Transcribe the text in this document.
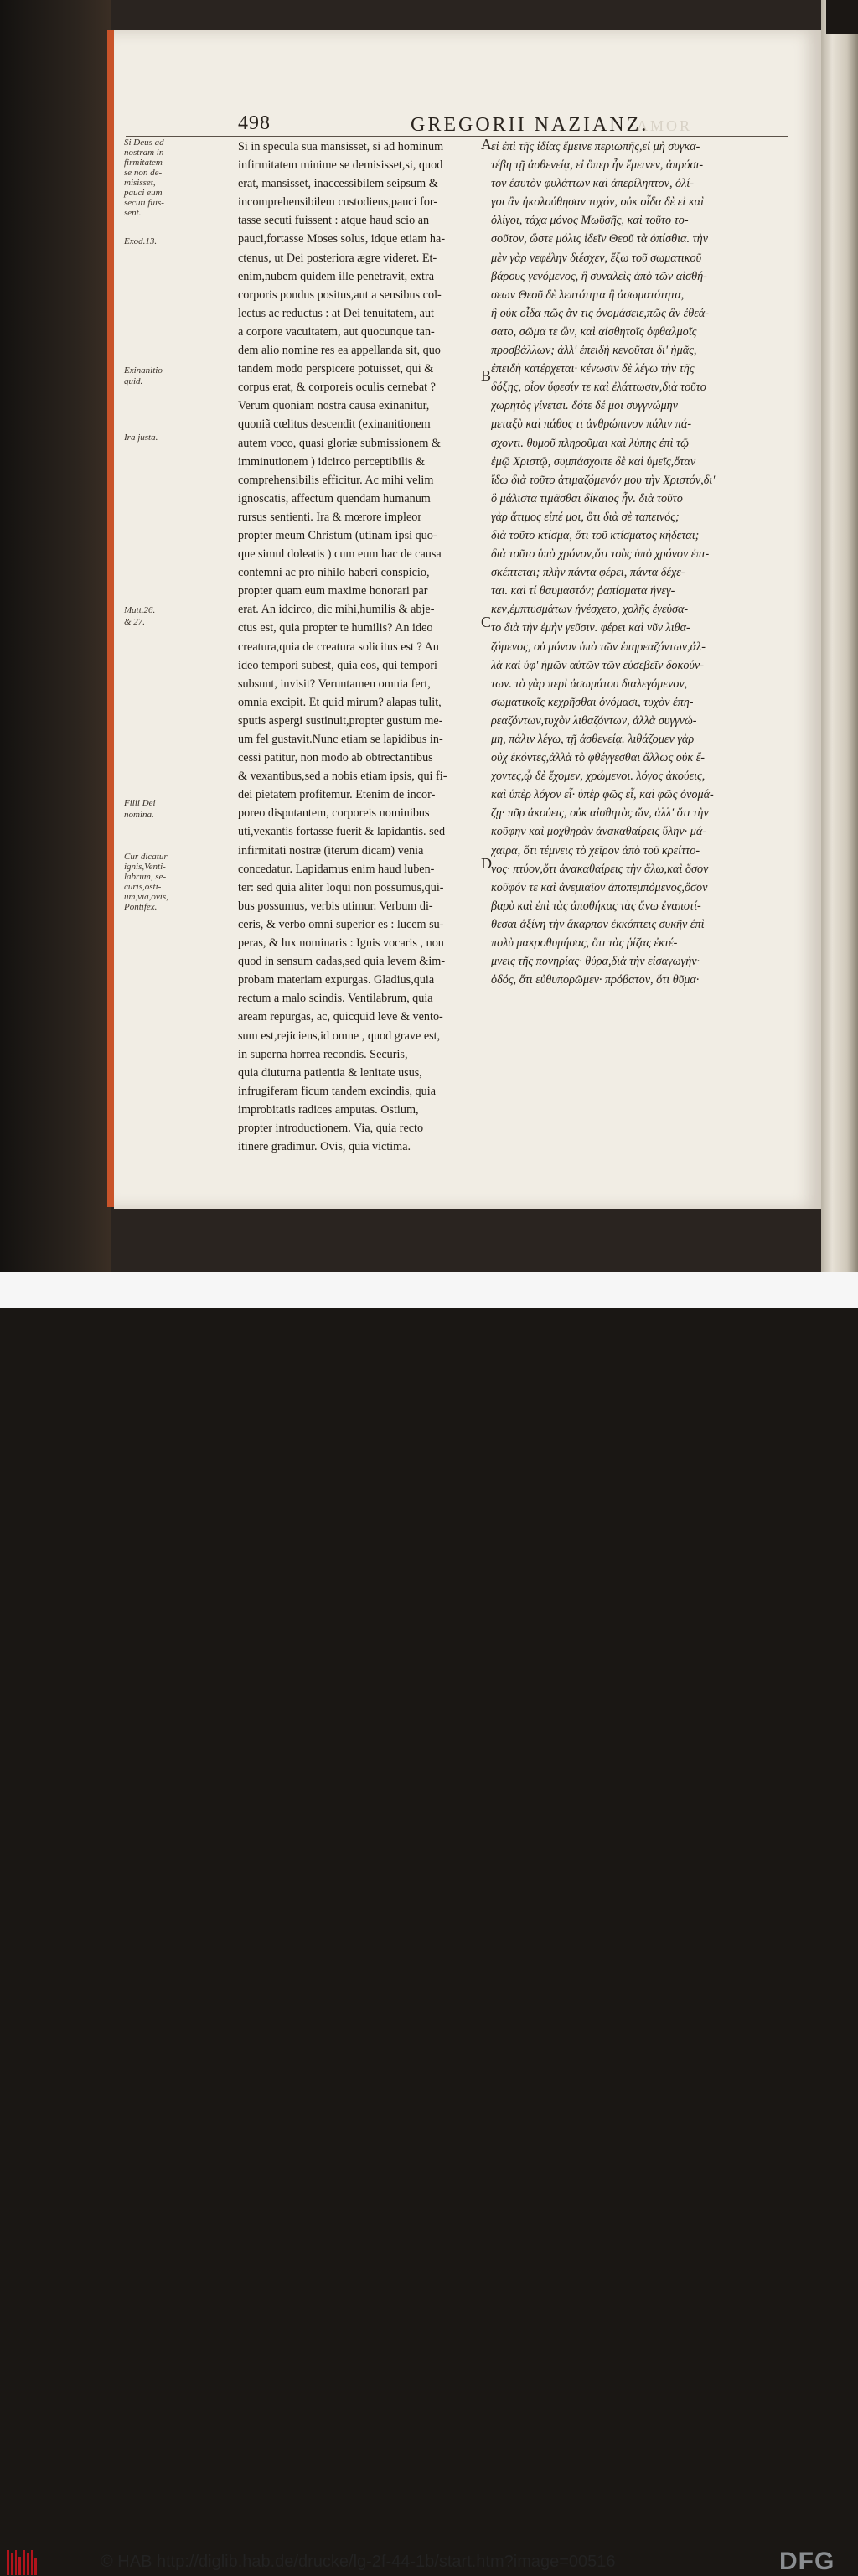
AMOR
498	GREGORII NAZIANZ.
Si Deus ad
nostram in-
firmitatem
se non de-
misisset,
pauci eum
secuti fuis-
sent.
Exod.13.
Exinanitio
quid.
Ira justa.
Matt.26.
& 27.
Filii Dei
nomina.
Cur dicatur
ignis,Venti-
labrum, se-
curis,ostì-
um,via,ovis,
Pontifex.
Si in specula sua mansisset, si ad hominum
infirmitatem minime se demisisset,si, quod
erat, mansisset, inaccessibilem seipsum &
incomprehensibilem custodiens,pauci for-
tasse secuti fuissent : atque haud scio an
pauci,fortasse Moses solus, idque etiam ha-
ctenus, ut Dei posteriora ægre videret. Et-
enim,nubem quidem ille penetravit, extra
corporis pondus positus,aut a sensibus col-
lectus ac reductus : at Dei tenuitatem, aut
a corpore vacuitatem, aut quocunque tan-
dem alio nomine res ea appellanda sit, quo
tandem modo perspicere potuisset, qui &
corpus erat, & corporeis oculis cernebat ?
Verum quoniam nostra causa exinanitur,
quoniã cœlitus descendit (exinanitionem
autem voco, quasi gloriæ submissionem &
imminutionem ) idcirco perceptibilis &
comprehensibilis efficitur. Ac mihi velim
ignoscatis, affectum quendam humanum
rursus sentienti. Ira & mœrore impleor
propter meum Christum (utinam ipsi quo-
que simul doleatis ) cum eum hac de causa
contemni ac pro nihilo haberi conspicio,
propter quam eum maxime honorari par
erat. An idcirco, dic mihi,humilis & abje-
ctus est, quia propter te humilis? An ideo
creatura,quia de creatura solicitus est ? An
ideo tempori subest, quia eos, qui tempori
subsunt, invisit? Veruntamen omnia fert,
omnia excipit. Et quid mirum? alapas tulit,
sputis aspergi sustinuit,propter gustum me-
um fel gustavit.Nunc etiam se lapidibus in-
cessi patitur, non modo ab obtrectantibus
& vexantibus,sed a nobis etiam ipsis, qui fi-
dei pietatem profitemur. Etenim de incor-
poreo disputantem, corporeis nominibus
uti,vexantis fortasse fuerit & lapidantis. sed
infirmitati nostræ (iterum dicam) venia
concedatur. Lapidamus enim haud luben-
ter: sed quia aliter loqui non possumus,qui-
bus possumus, verbis utimur. Verbum di-
ceris, & verbo omni superior es : lucem su-
peras, & lux nominaris : Ignis vocaris , non
quod in sensum cadas,sed quia levem &im-
probam materiam expurgas. Gladius,quia
rectum a malo scindis. Ventilabrum, quia
aream repurgas, ac, quicquid leve & vento-
sum est,rejiciens,id omne , quod grave est,
in superna horrea recondis. Securis,
quia diuturna patientia & lenitate usus,
infrugiferam ficum tandem excindis, quia
improbitatis radices amputas. Ostium,
propter introductionem. Via, quia recto
itinere gradimur. Ovis, quia victima.
A
B
C
D
εἰ ἐπὶ τῆς ἰδίας ἔμεινε περιωπῆς,εἰ μὴ συγκα-
τέβη τῇ ἀσθενείᾳ, εἰ ὅπερ ἦν ἔμεινεν, ἀπρόσι-
τον ἑαυτὸν φυλάττων καὶ ἀπερίληπτον, ὀλί-
γοι ἂν ἠκολούθησαν τυχόν, οὐκ οἶδα δὲ εἰ καὶ
ὀλίγοι, τάχα μόνος Μωϋσῆς, καὶ τοῦτο το-
σοῦτον, ὥστε μόλις ἰδεῖν Θεοῦ τὰ ὀπίσθια. τὴν
μὲν γὰρ νεφέλην διέσχεν, ἔξω τοῦ σωματικοῦ
βάρους γενόμενος, ἢ συναλεὶς ἀπὸ τῶν αἰσθή-
σεων Θεοῦ δὲ λεπτότητα ἢ ἀσωματότητα,
ἢ οὐκ οἶδα πῶς ἄν τις ὀνομάσειε,πῶς ἂν ἐθεά-
σατο, σῶμα τε ὢν, καὶ αἰσθητοῖς ὀφθαλμοῖς
προσβάλλων; ἀλλ' ἐπειδὴ κενοῦται δι' ἡμᾶς,
ἐπειδὴ κατέρχεται· κένωσιν δὲ λέγω τὴν τῆς
δόξης, οἷον ὕφεσίν τε καὶ ἐλάττωσιν,διὰ τοῦτο
χωρητὸς γίνεται. δότε δέ μοι συγγνώμην
μεταξὺ καὶ πάθος τι ἀνθρώπινον πάλιν πά-
σχοντι. θυμοῦ πληροῦμαι καὶ λύπης ἐπὶ τῷ
ἐμῷ Χριστῷ, συμπάσχοιτε δὲ καὶ ὑμεῖς,ὅταν
ἴδω διὰ τοῦτο ἀτιμαζόμενόν μου τὴν Χριστόν,δι'
ὃ μάλιστα τιμᾶσθαι δίκαιος ἦν. διὰ τοῦτο
γὰρ ἄτιμος εἰπέ μοι, ὅτι διὰ σὲ ταπεινός;
διὰ τοῦτο κτίσμα, ὅτι τοῦ κτίσματος κήδεται;
διὰ τοῦτο ὑπὸ χρόνον,ὅτι τοὺς ὑπὸ χρόνον ἐπι-
σκέπτεται; πλὴν πάντα φέρει, πάντα δέχε-
ται. καὶ τί θαυμαστόν; ῥαπίσματα ἠνεγ-
κεν,ἐμπτυσμάτων ἠνέσχετο, χολῆς ἐγεύσα-
το διὰ τὴν ἐμὴν γεῦσιν. φέρει καὶ νῦν λιθα-
ζόμενος, οὐ μόνον ὑπὸ τῶν ἐπηρεαζόντων,ἀλ-
λὰ καὶ ὑφ' ἡμῶν αὐτῶν τῶν εὐσεβεῖν δοκούν-
των. τὸ γὰρ περὶ ἀσωμάτου διαλεγόμενον,
σωματικοῖς κεχρῆσθαι ὀνόμασι, τυχὸν ἐπη-
ρεαζόντων,τυχὸν λιθαζόντων, ἀλλὰ συγγνώ-
μη, πάλιν λέγω, τῇ ἀσθενείᾳ. λιθάζομεν γὰρ
οὐχ ἑκόντες,ἀλλὰ τὸ φθέγγεσθαι ἄλλως οὐκ ἔ-
χοντες,ᾧ δὲ ἔχομεν, χρώμενοι. λόγος ἀκούεις,
καὶ ὑπὲρ λόγον εἶ· ὑπὲρ φῶς εἶ, καὶ φῶς ὀνομά-
ζῃ· πῦρ ἀκούεις, οὐκ αἰσθητὸς ὤν, ἀλλ' ὅτι τὴν
κοῦφην καὶ μοχθηρὰν ἀνακαθαίρεις ὕλην· μά-
χαιρα, ὅτι τέμνεις τὸ χεῖρον ἀπὸ τοῦ κρείττο-
νος· πτύον,ὅτι ἀνακαθαίρεις τὴν ἅλω,καὶ ὅσον
κοῦφόν τε καὶ ἀνεμιαῖον ἀποπεμπόμενος,ὅσον
βαρὺ καὶ ἐπὶ τὰς ἀποθήκας τὰς ἄνω ἐναποτί-
θεσαι ἀξίνη τὴν ἄκαρπον ἐκκόπτεις συκῆν ἐπὶ
πολὺ μακροθυμήσας, ὅτι τὰς ῥίζας ἐκτέ-
μνεις τῆς πονηρίας· θύρα,διὰ τὴν εἰσαγωγήν·
ὁδός, ὅτι εὐθυπορῶμεν· πρόβατον, ὅτι θῦμα·
© HAB http://diglib.hab.de/drucke/lg-2f-44-1b/start.htm?image=00516	DFG
